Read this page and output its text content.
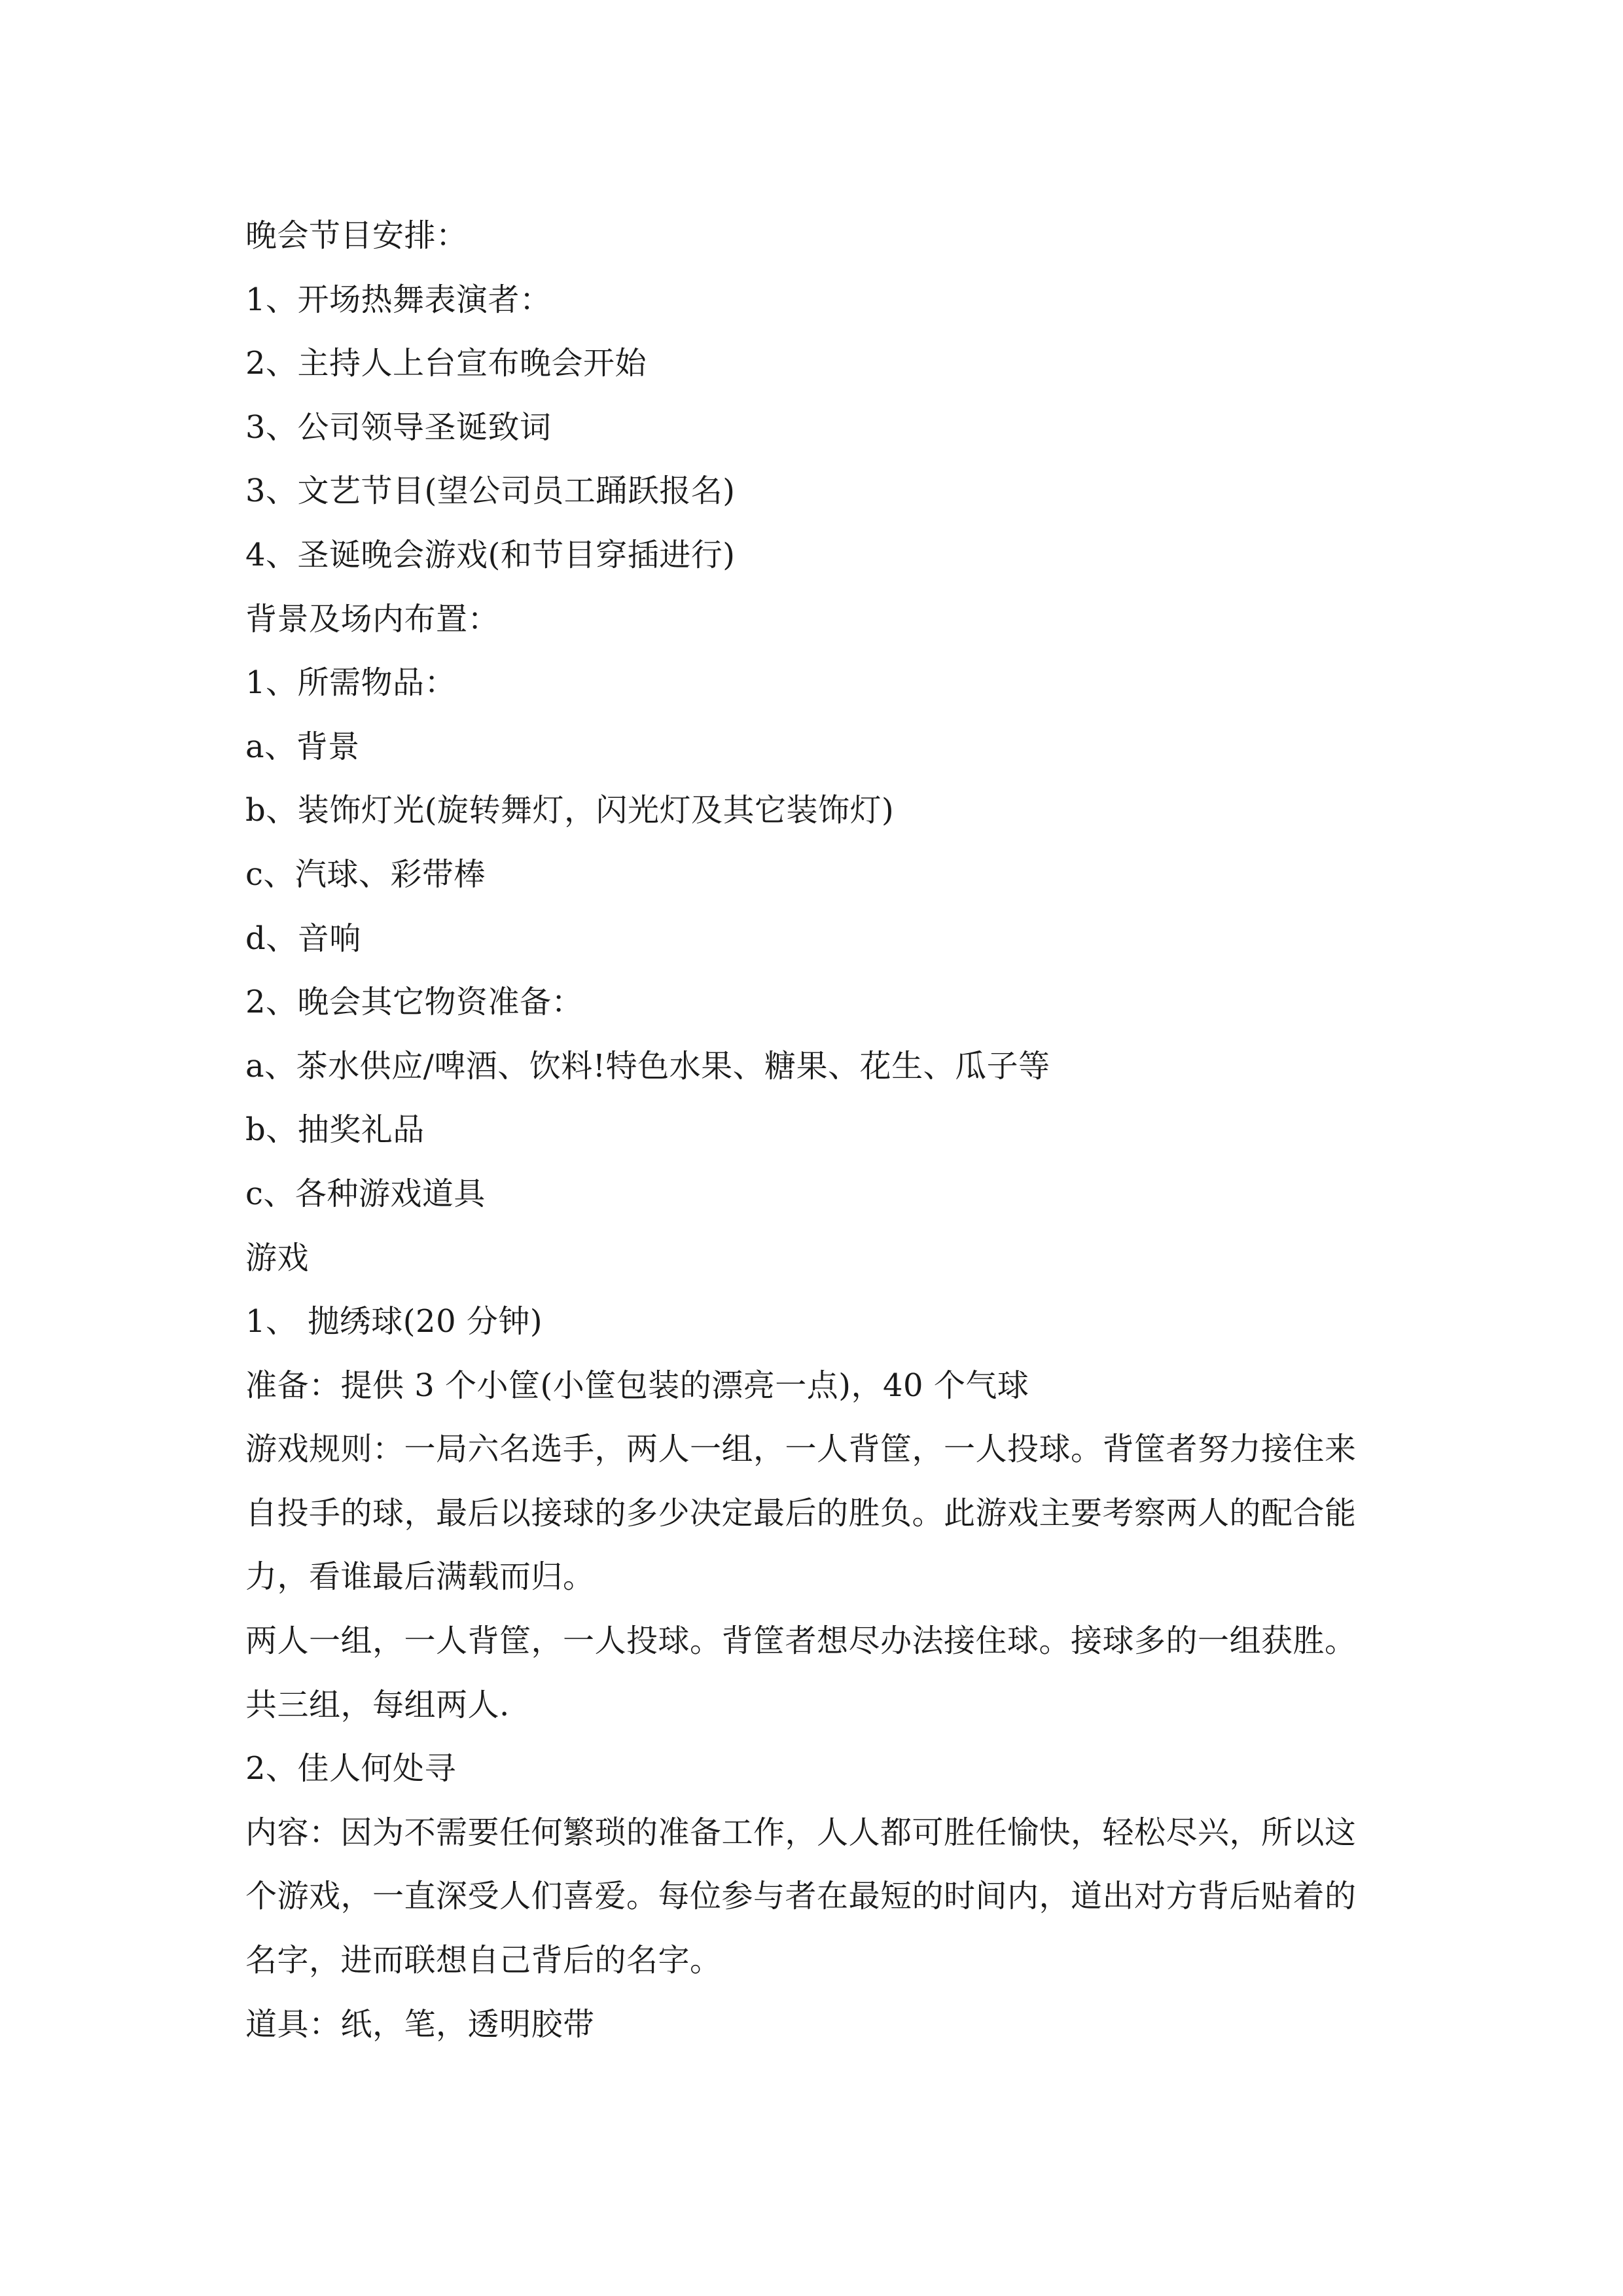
晚会节目安排：
1、开场热舞表演者：
2、主持人上台宣布晚会开始
3、公司领导圣诞致词
3、文艺节目(望公司员工踊跃报名)
4、圣诞晚会游戏(和节目穿插进行)
背景及场内布置：
1、所需物品：
a、背景
b、装饰灯光(旋转舞灯，闪光灯及其它装饰灯)
c、汽球、彩带棒
d、音响
2、晚会其它物资准备：
a、茶水供应/啤酒、饮料!特色水果、糖果、花生、瓜子等
b、抽奖礼品
c、各种游戏道具
游戏
1、 抛绣球(20 分钟)
准备：提供 3 个小筐(小筐包装的漂亮一点)，40 个气球
游戏规则：一局六名选手，两人一组，一人背筐，一人投球。背筐者努力接住来
自投手的球，最后以接球的多少决定最后的胜负。此游戏主要考察两人的配合能
力，看谁最后满载而归。
两人一组，一人背筐，一人投球。背筐者想尽办法接住球。接球多的一组获胜。
共三组，每组两人.
2、佳人何处寻
内容：因为不需要任何繁琐的准备工作，人人都可胜任愉快，轻松尽兴，所以这
个游戏，一直深受人们喜爱。每位参与者在最短的时间内，道出对方背后贴着的
名字，进而联想自己背后的名字。
道具：纸，笔，透明胶带
